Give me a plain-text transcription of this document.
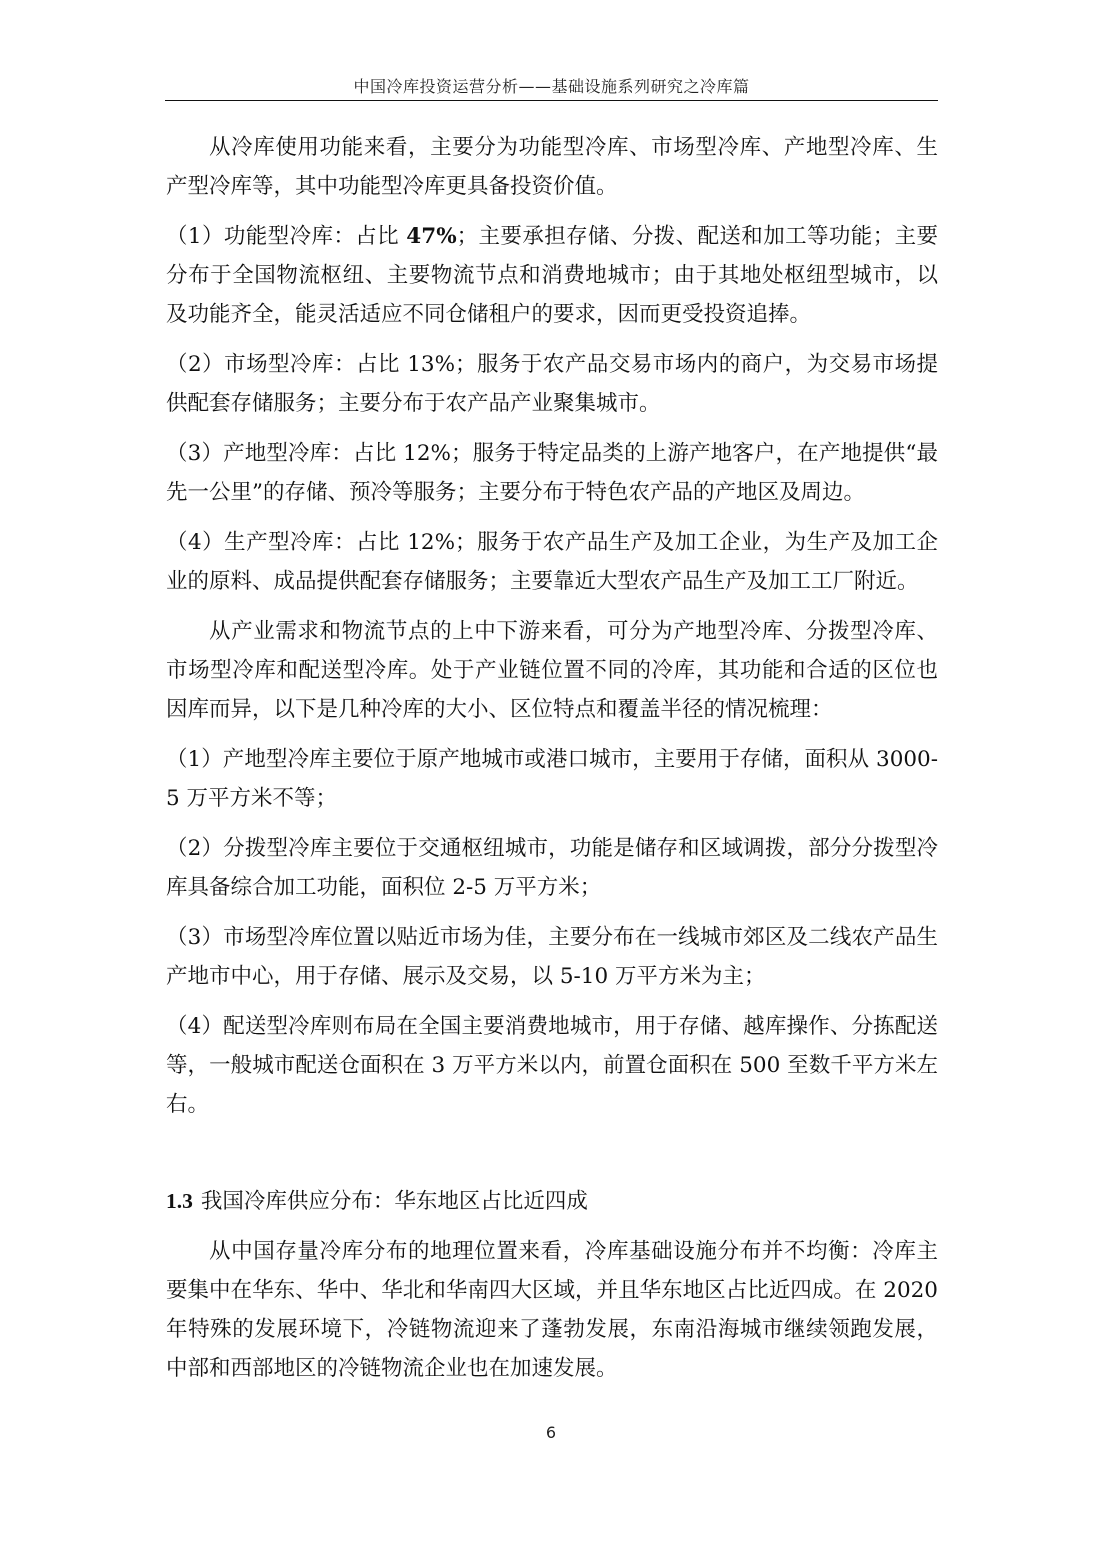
中国冷库投资运营分析——基础设施系列研究之冷库篇

从冷库使用功能来看，主要分为功能型冷库、市场型冷库、产地型冷库、生产型冷库等，其中功能型冷库更具备投资价值。

（1）功能型冷库：占比 47%；主要承担存储、分拨、配送和加工等功能；主要分布于全国物流枢纽、主要物流节点和消费地城市；由于其地处枢纽型城市，以及功能齐全，能灵活适应不同仓储租户的要求，因而更受投资追捧。

（2）市场型冷库：占比 13%；服务于农产品交易市场内的商户，为交易市场提供配套存储服务；主要分布于农产品产业聚集城市。

（3）产地型冷库：占比 12%；服务于特定品类的上游产地客户，在产地提供“最先一公里”的存储、预冷等服务；主要分布于特色农产品的产地区及周边。

（4）生产型冷库：占比 12%；服务于农产品生产及加工企业，为生产及加工企业的原料、成品提供配套存储服务；主要靠近大型农产品生产及加工工厂附近。

从产业需求和物流节点的上中下游来看，可分为产地型冷库、分拨型冷库、市场型冷库和配送型冷库。处于产业链位置不同的冷库，其功能和合适的区位也因库而异，以下是几种冷库的大小、区位特点和覆盖半径的情况梳理：

（1）产地型冷库主要位于原产地城市或港口城市，主要用于存储，面积从 3000-5 万平方米不等；

（2）分拨型冷库主要位于交通枢纽城市，功能是储存和区域调拨，部分分拨型冷库具备综合加工功能，面积位 2-5 万平方米；

（3）市场型冷库位置以贴近市场为佳，主要分布在一线城市郊区及二线农产品生产地市中心，用于存储、展示及交易，以 5-10 万平方米为主；

（4）配送型冷库则布局在全国主要消费地城市，用于存储、越库操作、分拣配送等，一般城市配送仓面积在 3 万平方米以内，前置仓面积在 500 至数千平方米左右。

1.3 我国冷库供应分布：华东地区占比近四成

从中国存量冷库分布的地理位置来看，冷库基础设施分布并不均衡：冷库主要集中在华东、华中、华北和华南四大区域，并且华东地区占比近四成。在 2020 年特殊的发展环境下，冷链物流迎来了蓬勃发展，东南沿海城市继续领跑发展，中部和西部地区的冷链物流企业也在加速发展。

6
